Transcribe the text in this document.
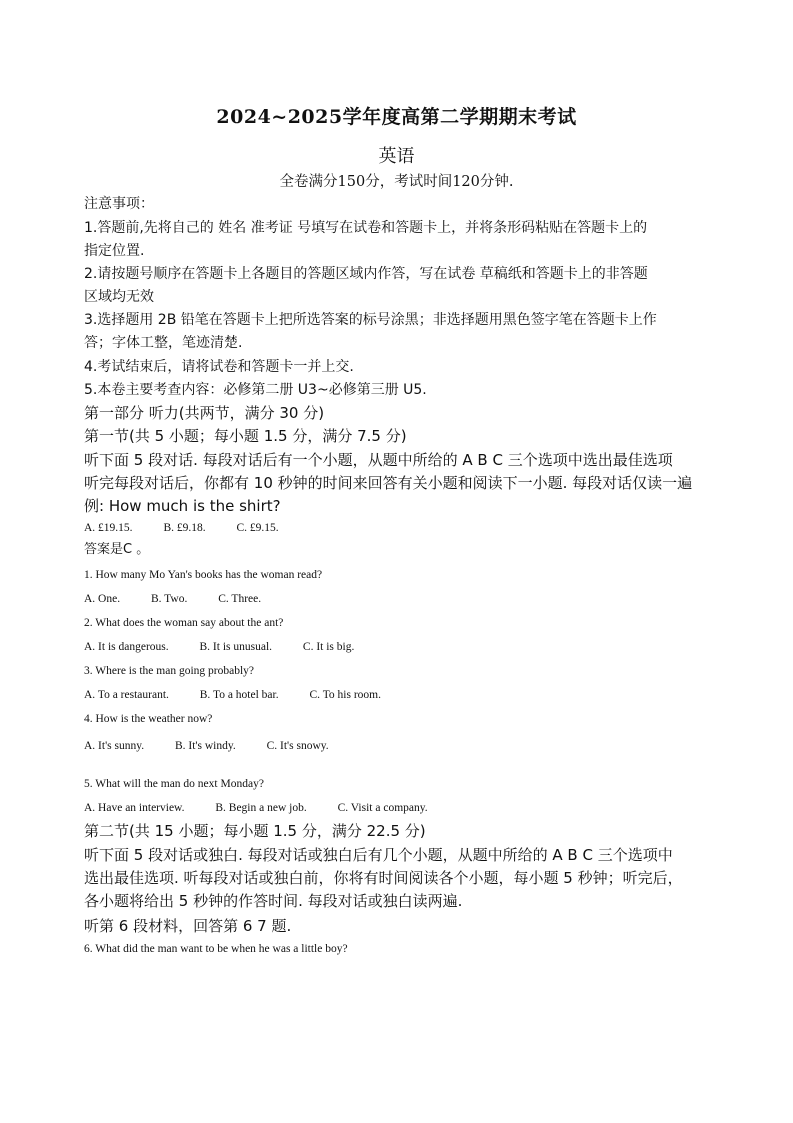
2024~2025学年度高第二学期期末考试
英语
全卷满分150分，考试时间120分钟.
注意事项：
1.答题前,先将自己的 姓名 准考证 号填写在试卷和答题卡上，并将条形码粘贴在答题卡上的
指定位置.
2.请按题号顺序在答题卡上各题目的答题区域内作答，写在试卷 草稿纸和答题卡上的非答题
区域均无效
3.选择题用 2B 铅笔在答题卡上把所选答案的标号涂黑；非选择题用黑色签字笔在答题卡上作
答；字体工整，笔迹清楚.
4.考试结束后，请将试卷和答题卡一并上交.
5.本卷主要考查内容：必修第二册 U3~必修第三册 U5.
第一部分 听力(共两节，满分 30 分)
第一节(共 5 小题；每小题 1.5 分，满分 7.5 分)
听下面 5 段对话. 每段对话后有一个小题，从题中所给的 A B C 三个选项中选出最佳选项
听完每段对话后，你都有 10 秒钟的时间来回答有关小题和阅读下一小题. 每段对话仅读一遍
例: How much is the shirt?
A. £19.15.	B. £9.18.	C. £9.15.
答案是C 。
1. How many Mo Yan's books has the woman read?
A. One.	B. Two.	C. Three.
2. What does the woman say about the ant?
A. It is dangerous.	B. It is unusual.	C. It is big.
3. Where is the man going probably?
A. To a restaurant.	B. To a hotel bar.	C. To his room.
4. How is the weather now?
A. It's sunny.	B. It's windy.	C. It's snowy.
5. What will the man do next Monday?
A. Have an interview.	B. Begin a new job.	C. Visit a company.
第二节(共 15 小题；每小题 1.5 分，满分 22.5 分)
听下面 5 段对话或独白. 每段对话或独白后有几个小题，从题中所给的 A B C 三个选项中
选出最佳选项. 听每段对话或独白前，你将有时间阅读各个小题，每小题 5 秒钟；听完后，
各小题将给出 5 秒钟的作答时间. 每段对话或独白读两遍.
听第 6 段材料，回答第 6 7 题.
6. What did the man want to be when he was a little boy?
